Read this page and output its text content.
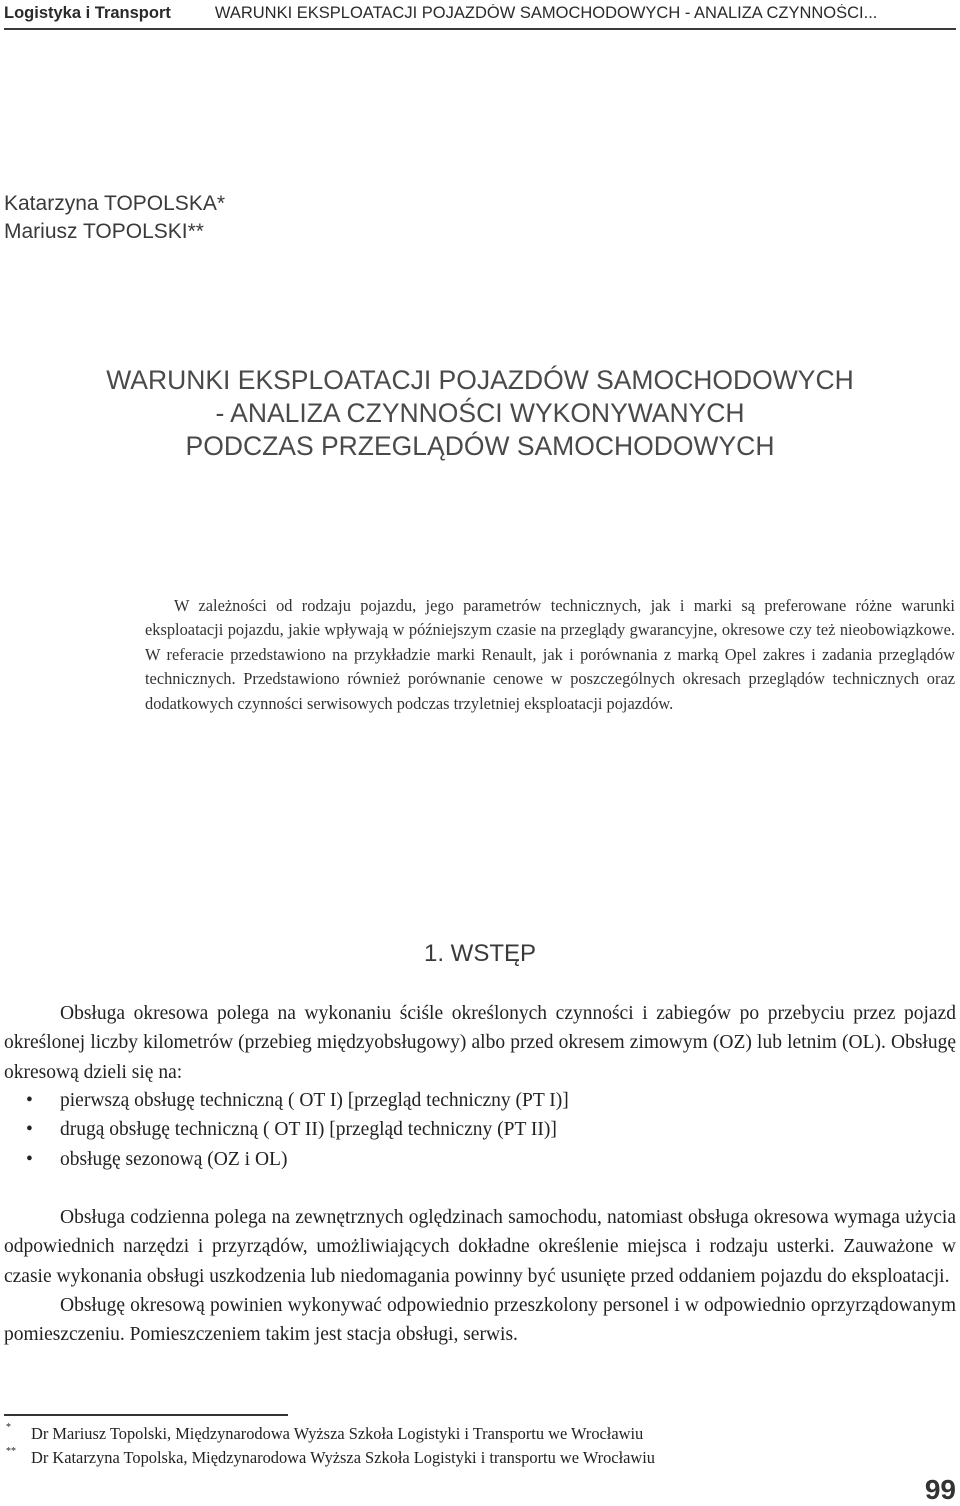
Logistyka i Transport	WARUNKI EKSPLOATACJI POJAZDÓW SAMOCHODOWYCH - ANALIZA CZYNNOŚCI...
Katarzyna TOPOLSKA*
Mariusz TOPOLSKI**
WARUNKI EKSPLOATACJI POJAZDÓW SAMOCHODOWYCH
- ANALIZA CZYNNOŚCI WYKONYWANYCH
PODCZAS PRZEGLĄDÓW SAMOCHODOWYCH

W zależności od rodzaju pojazdu, jego parametrów technicznych, jak i marki są preferowane różne warunki eksploatacji pojazdu, jakie wpływają w późniejszym czasie na przeglądy gwarancyjne, okresowe czy też nieobowiązkowe. W referacie przedstawiono na przykładzie marki Renault, jak i porównania z marką Opel zakres i zadania przeglądów technicznych. Przedstawiono również porównanie cenowe w poszczególnych okresach przeglądów technicznych oraz dodatkowych czynności serwisowych podczas trzyletniej eksploatacji pojazdów.

1. WSTĘP

Obsługa okresowa polega na wykonaniu ściśle określonych czynności i zabiegów po przebyciu przez pojazd określonej liczby kilometrów (przebieg międzyobsługowy) albo przed okresem zimowym (OZ) lub letnim (OL). Obsługę okresową dzieli się na:

• pierwszą obsługę techniczną ( OT I) [przegląd techniczny (PT I)]
• drugą obsługę techniczną ( OT II) [przegląd techniczny (PT II)]
• obsługę sezonową (OZ i OL)

Obsługa codzienna polega na zewnętrznych oględzinach samochodu, natomiast obsługa okresowa wymaga użycia odpowiednich narzędzi i przyrządów, umożliwiających dokładne określenie miejsca i rodzaju usterki. Zauważone w czasie wykonania obsługi uszkodzenia lub niedomagania powinny być usunięte przed oddaniem pojazdu do eksploatacji.

Obsługę okresową powinien wykonywać odpowiednio przeszkolony personel i w odpowiednio oprzyrządowanym pomieszczeniu. Pomieszczeniem takim jest stacja obsługi, serwis.

* Dr Mariusz Topolski, Międzynarodowa Wyższa Szkoła Logistyki i Transportu we Wrocławiu
** Dr Katarzyna Topolska, Międzynarodowa Wyższa Szkoła Logistyki i transportu we Wrocławiu
99
